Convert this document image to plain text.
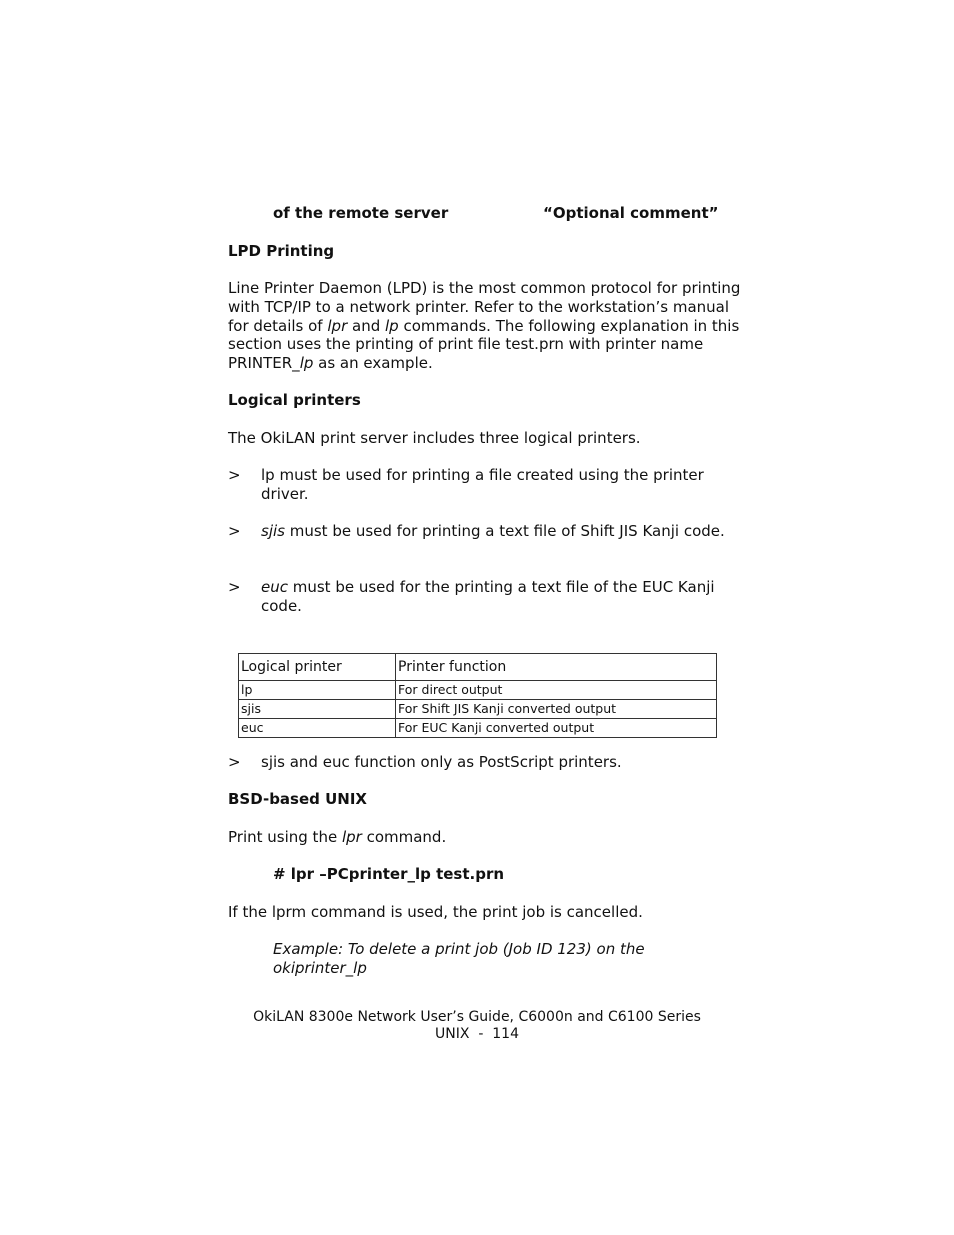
of the remote server	“Optional comment”
LPD Printing
Line Printer Daemon (LPD) is the most common protocol for printing with TCP/IP to a network printer. Refer to the workstation’s manual for details of lpr and lp commands. The following explanation in this section uses the printing of print file test.prn with printer name PRINTER_lp as an example.
Logical printers
The OkiLAN print server includes three logical printers.
> lp must be used for printing a file created using the printer driver.
> sjis must be used for printing a text file of Shift JIS Kanji code.
> euc must be used for the printing a text file of the EUC Kanji code.
Logical printer	Printer function
lp	For direct output
sjis	For Shift JIS Kanji converted output
euc	For EUC Kanji converted output
> sjis and euc function only as PostScript printers.
BSD-based UNIX
Print using the lpr command.
# lpr –PCprinter_lp test.prn
If the lprm command is used, the print job is cancelled.
Example: To delete a print job (Job ID 123) on the okiprinter_lp
OkiLAN 8300e Network User’s Guide, C6000n and C6100 Series
UNIX  -  114
